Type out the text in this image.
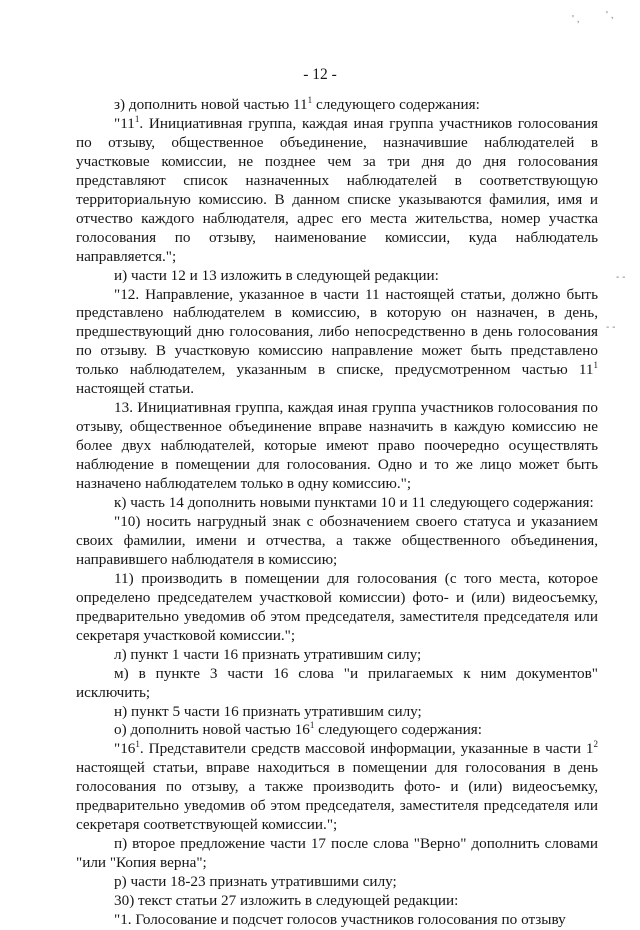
- 12 -
' ,	' ,
- -
- -

з) дополнить новой частью $11^1$ следующего содержания:

"$11^1$. Инициативная группа, каждая иная группа участников голосования по отзыву, общественное объединение, назначившие наблюдателей в участковые комиссии, не позднее чем за три дня до дня голосования представляют список назначенных наблюдателей в соответствующую территориальную комиссию. В данном списке указываются фамилия, имя и отчество каждого наблюдателя, адрес его места жительства, номер участка голосования по отзыву, наименование комиссии, куда наблюдатель направляется.";

и) части 12 и 13 изложить в следующей редакции:

"12. Направление, указанное в части 11 настоящей статьи, должно быть представлено наблюдателем в комиссию, в которую он назначен, в день, предшествующий дню голосования, либо непосредственно в день голосования по отзыву. В участковую комиссию направление может быть представлено только наблюдателем, указанным в списке, предусмотренном частью $11^1$ настоящей статьи.

13. Инициативная группа, каждая иная группа участников голосования по отзыву, общественное объединение вправе назначить в каждую комиссию не более двух наблюдателей, которые имеют право поочередно осуществлять наблюдение в помещении для голосования. Одно и то же лицо может быть назначено наблюдателем только в одну комиссию.";

к) часть 14 дополнить новыми пунктами 10 и 11 следующего содержания:

"10) носить нагрудный знак с обозначением своего статуса и указанием своих фамилии, имени и отчества, а также общественного объединения, направившего наблюдателя в комиссию;

11) производить в помещении для голосования (с того места, которое определено председателем участковой комиссии) фото- и (или) видеосъемку, предварительно уведомив об этом председателя, заместителя председателя или секретаря участковой комиссии.";

л) пункт 1 части 16 признать утратившим силу;

м) в пункте 3 части 16 слова "и прилагаемых к ним документов" исключить;

н) пункт 5 части 16 признать утратившим силу;

о) дополнить новой частью $16^1$ следующего содержания:

"$16^1$. Представители средств массовой информации, указанные в части $1^2$ настоящей статьи, вправе находиться в помещении для голосования в день голосования по отзыву, а также производить фото- и (или) видеосъемку, предварительно уведомив об этом председателя, заместителя председателя или секретаря соответствующей комиссии.";

п) второе предложение части 17 после слова "Верно" дополнить словами "или "Копия верна";

р) части 18-23 признать утратившими силу;

30) текст статьи 27 изложить в следующей редакции:

"1. Голосование и подсчет голосов участников голосования по отзыву
